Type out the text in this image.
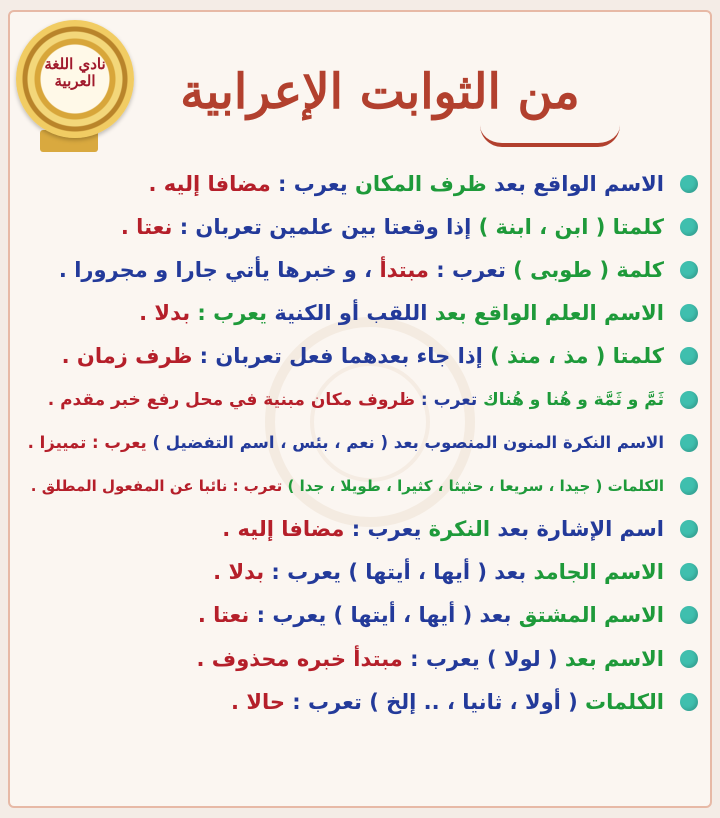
نادي اللغة العربية	من الثوابت الإعرابية
الاسم الواقع بعد ظرف المكان يعرب : مضافا إليه .
كلمتا ( ابن ، ابنة ) إذا وقعتا بين علمين تعربان : نعتا .
كلمة ( طوبى ) تعرب : مبتدأ ، و خبرها يأتي جارا و مجرورا .
الاسم العلم الواقع بعد اللقب أو الكنية يعرب : بدلا .
كلمتا ( مذ ، منذ ) إذا جاء بعدهما فعل تعربان : ظرف زمان .
ثَمَّ و ثَمَّة و هُنا و هُناك تعرب : ظروف مكان مبنية في محل رفع خبر مقدم .
الاسم النكرة المنون المنصوب بعد ( نعم ، بئس ، اسم التفضيل ) يعرب : تمييزا .
الكلمات ( جيدا ، سريعا ، حثيثا ، كثيرا ، طويلا ، جدا ) تعرب : نائبا عن المفعول المطلق .
اسم الإشارة بعد النكرة يعرب : مضافا إليه .
الاسم الجامد بعد ( أيها ، أيتها ) يعرب : بدلا .
الاسم المشتق بعد ( أيها ، أيتها ) يعرب : نعتا .
الاسم بعد ( لولا ) يعرب : مبتدأ خبره محذوف .
الكلمات ( أولا ، ثانيا ، .. إلخ ) تعرب : حالا .
